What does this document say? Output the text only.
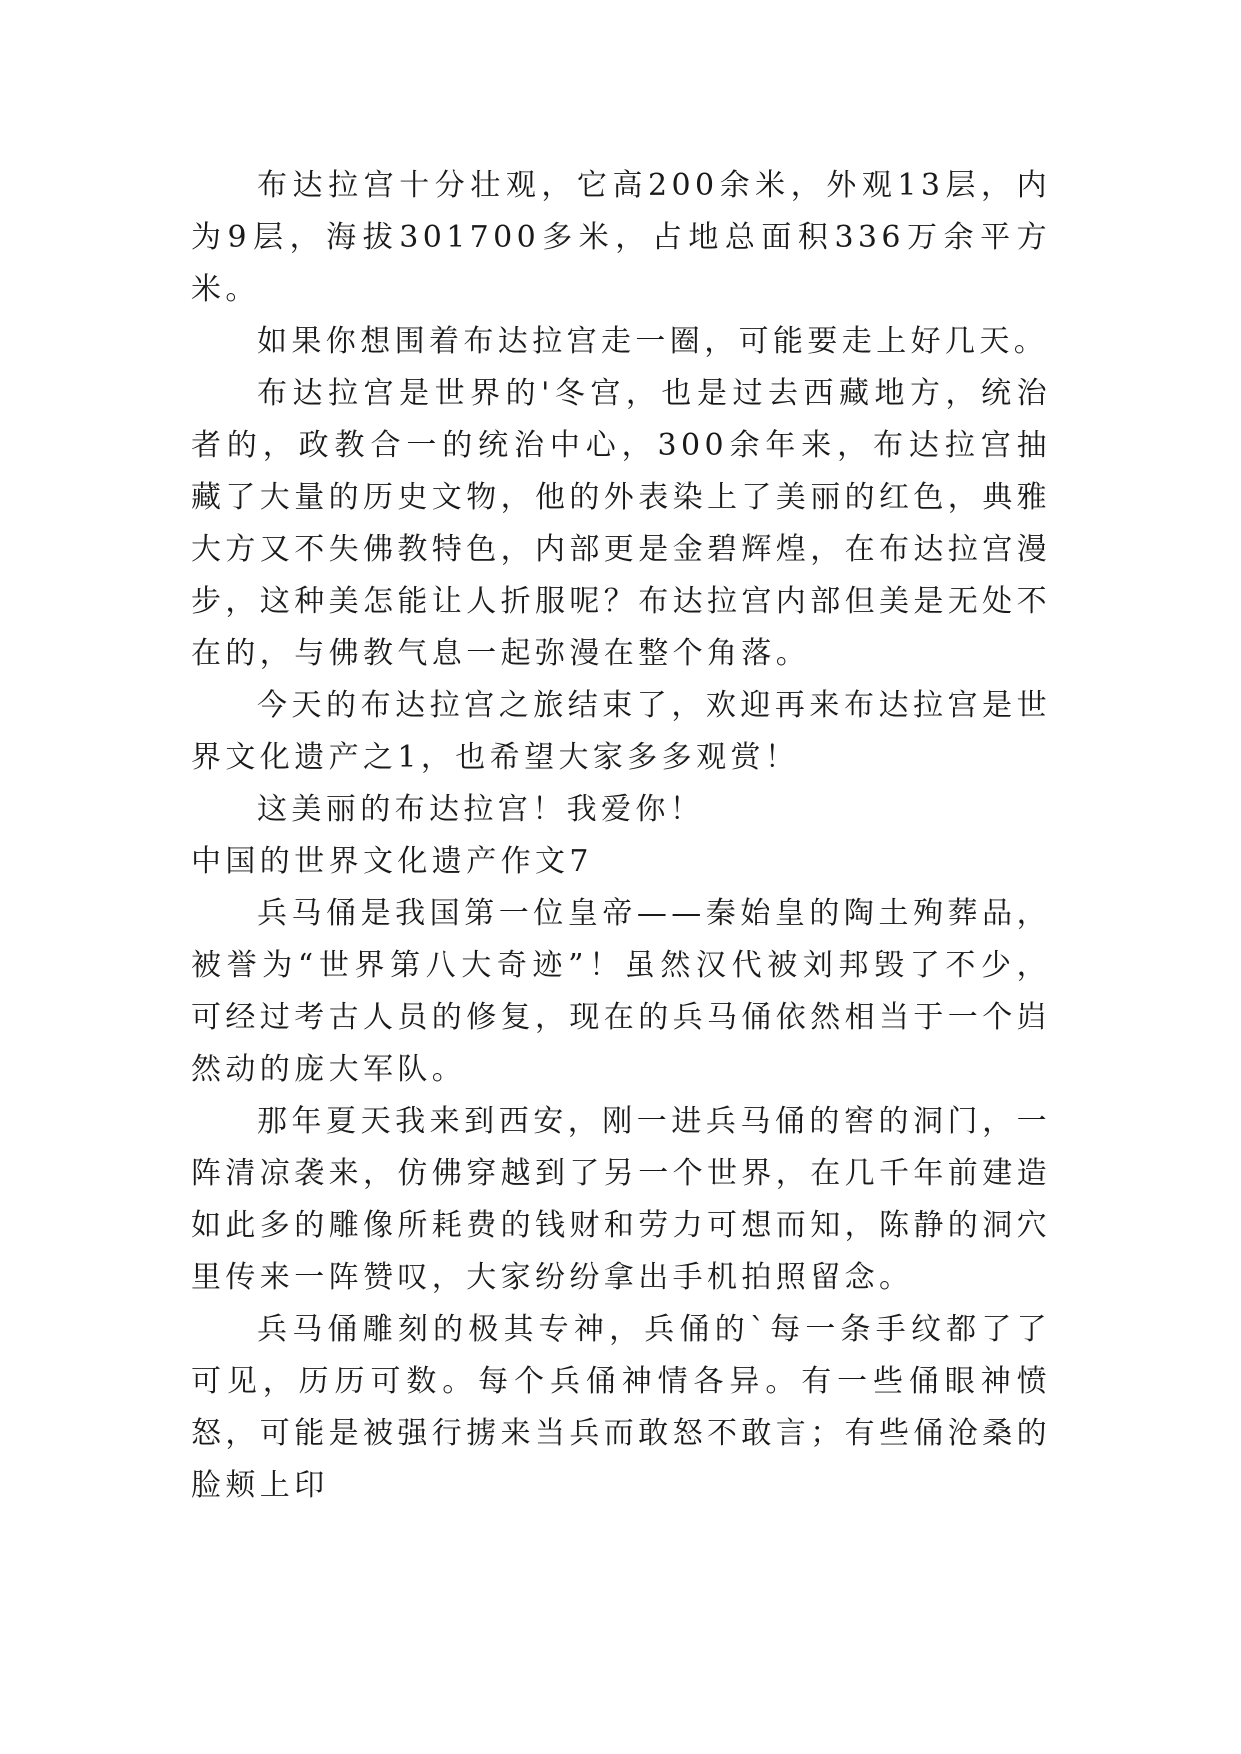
布达拉宫十分壮观，它高200余米，外观13层，内为9层，海拔301700多米，占地总面积336万余平方米。

如果你想围着布达拉宫走一圈，可能要走上好几天。

布达拉宫是世界的'冬宫，也是过去西藏地方，统治者的，政教合一的统治中心，300余年来，布达拉宫抽藏了大量的历史文物，他的外表染上了美丽的红色，典雅大方又不失佛教特色，内部更是金碧辉煌，在布达拉宫漫步，这种美怎能让人折服呢？布达拉宫内部但美是无处不在的，与佛教气息一起弥漫在整个角落。

今天的布达拉宫之旅结束了，欢迎再来布达拉宫是世界文化遗产之1，也希望大家多多观赏！

这美丽的布达拉宫！我爱你！

中国的世界文化遗产作文7

兵马俑是我国第一位皇帝——秦始皇的陶土殉葬品，被誉为“世界第八大奇迹”！虽然汉代被刘邦毁了不少，可经过考古人员的修复，现在的兵马俑依然相当于一个岿然动的庞大军队。

那年夏天我来到西安，刚一进兵马俑的窖的洞门，一阵清凉袭来，仿佛穿越到了另一个世界，在几千年前建造如此多的雕像所耗费的钱财和劳力可想而知，陈静的洞穴里传来一阵赞叹，大家纷纷拿出手机拍照留念。

兵马俑雕刻的极其专神，兵俑的`每一条手纹都了了可见，历历可数。每个兵俑神情各异。有一些俑眼神愤怒，可能是被强行掳来当兵而敢怒不敢言；有些俑沧桑的脸颊上印
